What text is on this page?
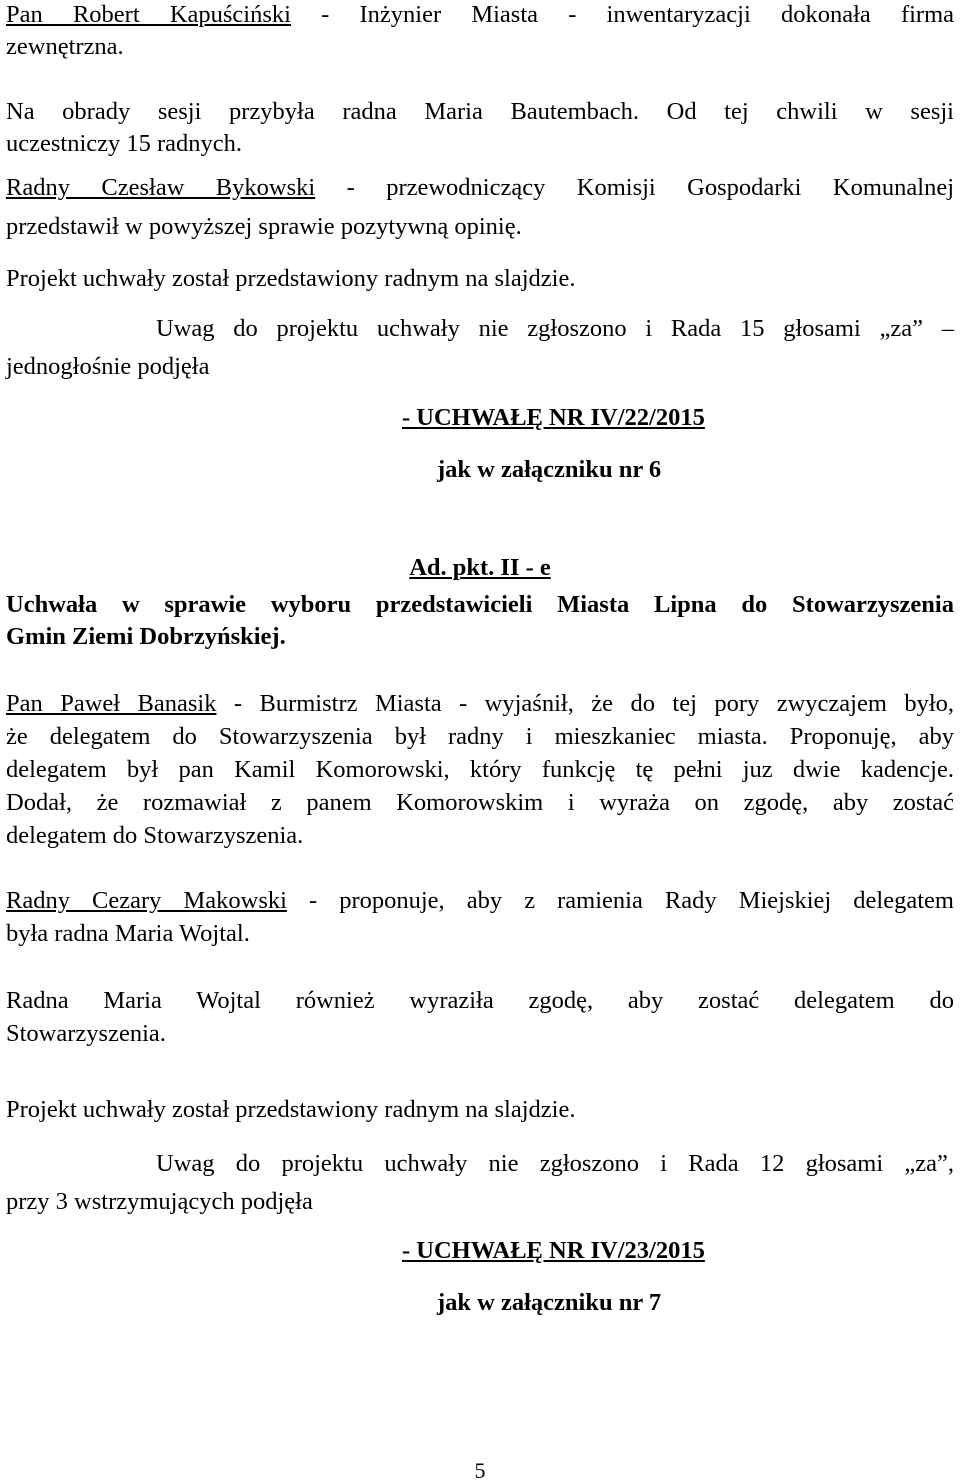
Pan Robert Kapuściński - Inżynier Miasta - inwentaryzacji dokonała firma
zewnętrzna.
Na obrady sesji przybyła radna Maria Bautembach. Od tej chwili w sesji
uczestniczy 15 radnych.
Radny Czesław Bykowski - przewodniczący Komisji Gospodarki Komunalnej
przedstawił w powyższej sprawie pozytywną opinię.
Projekt uchwały został przedstawiony radnym na slajdzie.
Uwag do projektu uchwały nie zgłoszono i Rada 15 głosami „za” –
jednogłośnie podjęła
- UCHWAŁĘ NR IV/22/2015
jak w załączniku nr 6
Ad. pkt. II - e
Uchwała w sprawie wyboru przedstawicieli Miasta Lipna do Stowarzyszenia
Gmin Ziemi Dobrzyńskiej.
Pan Paweł Banasik - Burmistrz Miasta - wyjaśnił, że do tej pory zwyczajem było,
że delegatem do Stowarzyszenia był radny i mieszkaniec miasta. Proponuję, aby
delegatem był pan Kamil Komorowski, który funkcję tę pełni juz dwie kadencje.
Dodał, że rozmawiał z panem Komorowskim i wyraża on zgodę, aby zostać
delegatem do Stowarzyszenia.
Radny Cezary Makowski - proponuje, aby z ramienia Rady Miejskiej delegatem
była radna Maria Wojtal.
Radna Maria Wojtal również wyraziła zgodę, aby zostać delegatem do
Stowarzyszenia.
Projekt uchwały został przedstawiony radnym na slajdzie.
Uwag do projektu uchwały nie zgłoszono i Rada 12 głosami „za”,
przy 3 wstrzymujących podjęła
- UCHWAŁĘ NR IV/23/2015
jak w załączniku nr 7
5
